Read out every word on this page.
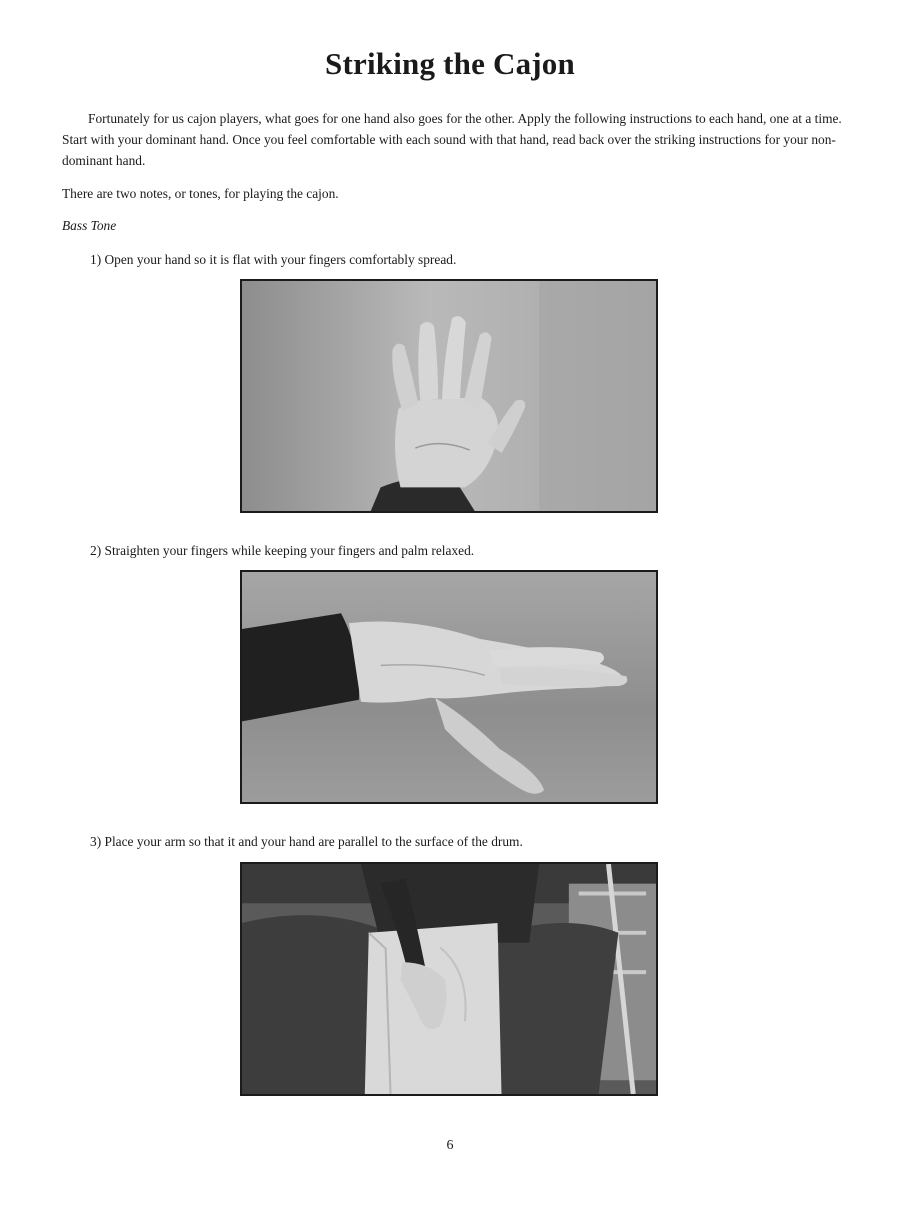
Striking the Cajon

Fortunately for us cajon players, what goes for one hand also goes for the other. Apply the following instructions to each hand, one at a time. Start with your dominant hand. Once you feel comfortable with each sound with that hand, read back over the striking instructions for your non-dominant hand.

There are two notes, or tones, for playing the cajon.

Bass Tone

1) Open your hand so it is flat with your fingers comfortably spread.

2) Straighten your fingers while keeping your fingers and palm relaxed.

3) Place your arm so that it and your hand are parallel to the surface of the drum.

6
